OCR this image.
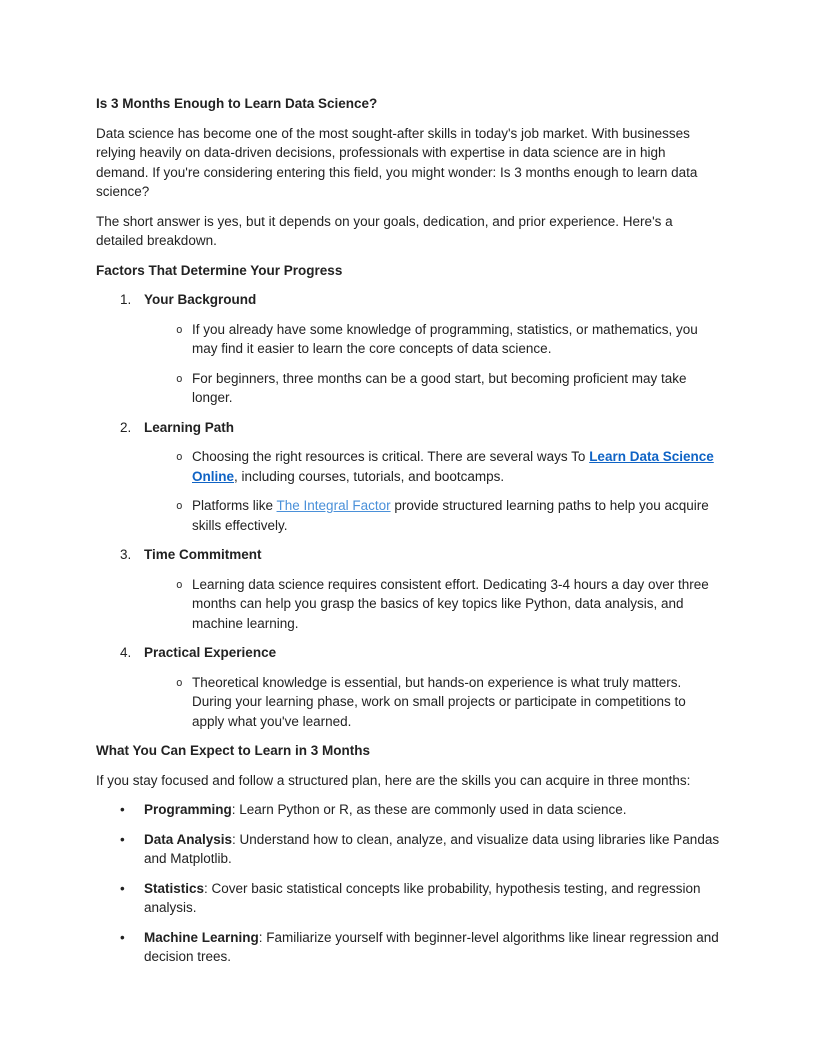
Is 3 Months Enough to Learn Data Science?

Data science has become one of the most sought-after skills in today's job market. With businesses relying heavily on data-driven decisions, professionals with expertise in data science are in high demand. If you're considering entering this field, you might wonder: Is 3 months enough to learn data science?

The short answer is yes, but it depends on your goals, dedication, and prior experience. Here's a detailed breakdown.

Factors That Determine Your Progress

1. Your Background
o If you already have some knowledge of programming, statistics, or mathematics, you may find it easier to learn the core concepts of data science.
o For beginners, three months can be a good start, but becoming proficient may take longer.
2. Learning Path
o Choosing the right resources is critical. There are several ways To Learn Data Science Online, including courses, tutorials, and bootcamps.
o Platforms like The Integral Factor provide structured learning paths to help you acquire skills effectively.
3. Time Commitment
o Learning data science requires consistent effort. Dedicating 3-4 hours a day over three months can help you grasp the basics of key topics like Python, data analysis, and machine learning.
4. Practical Experience
o Theoretical knowledge is essential, but hands-on experience is what truly matters. During your learning phase, work on small projects or participate in competitions to apply what you've learned.

What You Can Expect to Learn in 3 Months

If you stay focused and follow a structured plan, here are the skills you can acquire in three months:

•	Programming: Learn Python or R, as these are commonly used in data science.
•	Data Analysis: Understand how to clean, analyze, and visualize data using libraries like Pandas and Matplotlib.
•	Statistics: Cover basic statistical concepts like probability, hypothesis testing, and regression analysis.
•	Machine Learning: Familiarize yourself with beginner-level algorithms like linear regression and decision trees.
